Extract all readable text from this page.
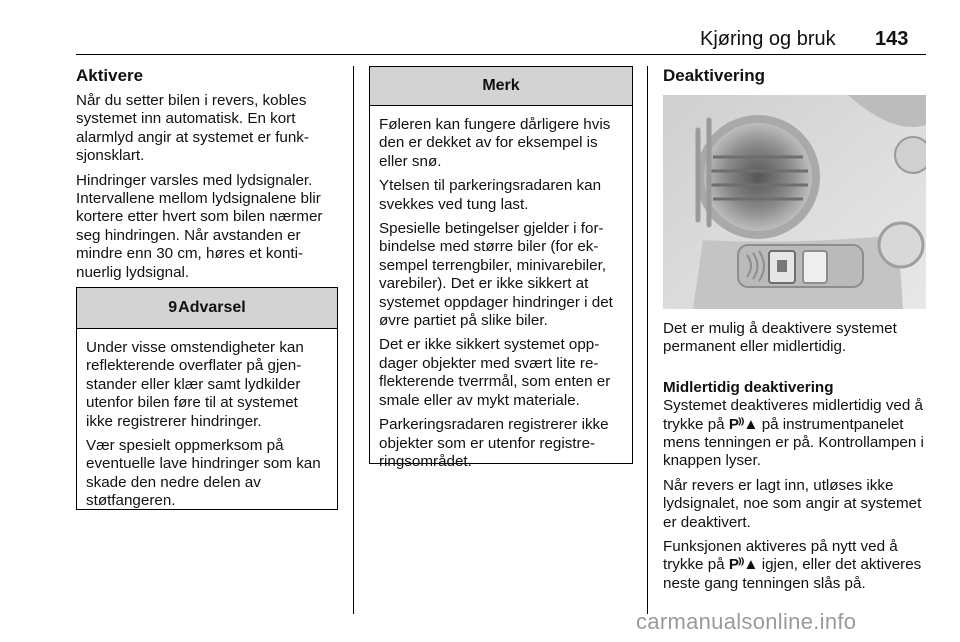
Kjøring og bruk 143
Aktivere

Når du setter bilen i revers, kobles systemet inn automatisk. En kort alarmlyd angir at systemet er funksjonsklart.

Hindringer varsles med lydsignaler. Intervallene mellom lydsignalene blir kortere etter hvert som bilen nærmer seg hindringen. Når avstanden er mindre enn 30 cm, høres et kontinuerlig lydsignal.

9Advarsel

Under visse omstendigheter kan reflekterende overflater på gjenstander eller klær samt lydkilder utenfor bilen føre til at systemet ikke registrerer hindringer.

Vær spesielt oppmerksom på eventuelle lave hindringer som kan skade den nedre delen av støtfangeren.

Merk

Føleren kan fungere dårligere hvis den er dekket av for eksempel is eller snø.

Ytelsen til parkeringsradaren kan svekkes ved tung last.

Spesielle betingelser gjelder i forbindelse med større biler (for eksempel terrengbiler, minivarebiler, varebiler). Det er ikke sikkert at systemet oppdager hindringer i det øvre partiet på slike biler.

Det er ikke sikkert systemet oppdager objekter med svært lite reflekterende tverrmål, som enten er smale eller av mykt materiale.

Parkeringsradaren registrerer ikke objekter som er utenfor registreringsområdet.

Deaktivering

Det er mulig å deaktivere systemet permanent eller midlertidig.

Midlertidig deaktivering

Systemet deaktiveres midlertidig ved å trykke på P⁾⁾▲ på instrumentpanelet mens tenningen er på. Kontrollampen i knappen lyser.

Når revers er lagt inn, utløses ikke lydsignalet, noe som angir at systemet er deaktivert.

Funksjonen aktiveres på nytt ved å trykke på P⁾⁾▲ igjen, eller det aktiveres neste gang tenningen slås på.

carmanualsonline.info
